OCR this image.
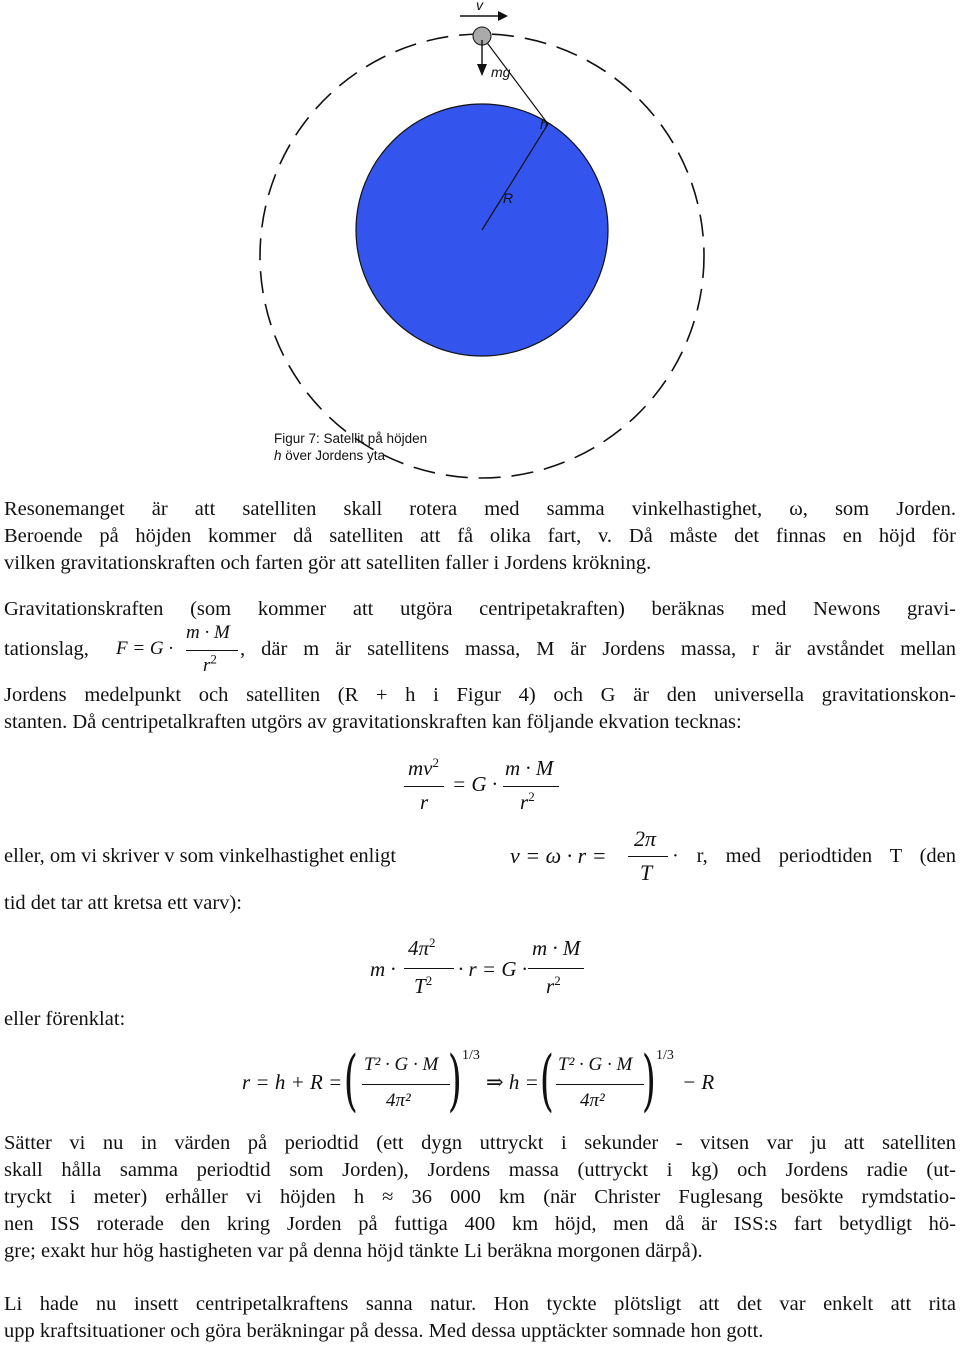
v
mg
h
R
Figur 7: Satellit på höjden
h över Jordens yta
Resonemanget är att satelliten skall rotera med samma vinkelhastighet, ω, som Jorden.
Beroende på höjden kommer då satelliten att få olika fart, v. Då måste det finnas en höjd för
vilken gravitationskraften och farten gör att satelliten faller i Jordens krökning.
Gravitationskraften (som kommer att utgöra centripetakraften) beräknas med Newons gravi-
tationslag, F = G ·
m · M
$r^2$ , där m är satellitens massa, M är Jordens massa, r är avståndet mellan
Jordens medelpunkt och satelliten (R + h i Figur 4) och G är den universella gravitationskon-
stanten. Då centripetalkraften utgörs av gravitationskraften kan följande ekvation tecknas:
$mv^2$
r
= G ·
m · M
$r^2$
eller, om vi skriver v som vinkelhastighet enligt	v = ω · r =
2π
T
· r, med periodtiden T (den
tid det tar att kretsa ett varv):
m ·
$4\pi^2$
$T^2 \cdot r = G$ ·
m · M
$r^2$
eller förenklat:
r = h + R = ( T² · G · M
4π² ) 1/3
⇒ h = ( T² · G · M
4π² ) 1/3
− R
Sätter vi nu in värden på periodtid (ett dygn uttryckt i sekunder - vitsen var ju att satelliten
skall hålla samma periodtid som Jorden), Jordens massa (uttryckt i kg) och Jordens radie (ut-
tryckt i meter) erhåller vi höjden h ≈ 36 000 km (när Christer Fuglesang besökte rymdstatio-
nen ISS roterade den kring Jorden på futtiga 400 km höjd, men då är ISS:s fart betydligt hö-
gre; exakt hur hög hastigheten var på denna höjd tänkte Li beräkna morgonen därpå).
Li hade nu insett centripetalkraftens sanna natur. Hon tyckte plötsligt att det var enkelt att rita
upp kraftsituationer och göra beräkningar på dessa. Med dessa upptäckter somnade hon gott.
